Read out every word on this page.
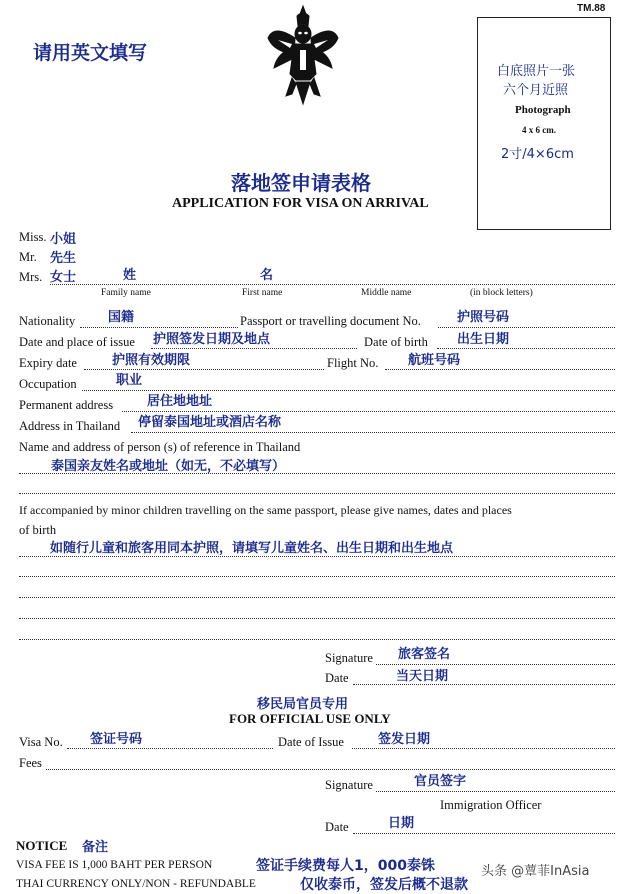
请用英文填写
TM.88
白底照片一张
六个月近照
Photograph
4 x 6 cm.
2寸/4×6cm
落地签申请表格
APPLICATION FOR VISA ON ARRIVAL
Miss. 小姐
Mr. 先生
Mrs. 女士	姓	名
Family name	First name	Middle name	(in block letters)
Nationality	国籍	Passport or travelling document No.	护照号码
Date and place of issue 护照签发日期及地点	Date of birth 出生日期
Expiry date	护照有效期限	Flight No. 航班号码
Occupation	职业
Permanent address	居住地地址
Address in Thailand 停留泰国地址或酒店名称
Name and address of person (s) of reference in Thailand
泰国亲友姓名或地址（如无，不必填写）
If accompanied by minor children travelling on the same passport, please give names, dates and places
of birth
如随行儿童和旅客用同本护照，请填写儿童姓名、出生日期和出生地点
Signature 旅客签名
Date	当天日期
移民局官员专用
FOR OFFICIAL USE ONLY
Visa No. 签证号码	Date of Issue	签发日期
Fees
Signature	官员签字
Immigration Officer
Date	日期
NOTICE 备注
VISA FEE IS 1,000 BAHT PER PERSON	签证手续费每人1，000泰铢
THAI CURRENCY ONLY/NON - REFUNDABLE	仅收泰币，签发后概不退款
头条 @蕈菲InAsia
